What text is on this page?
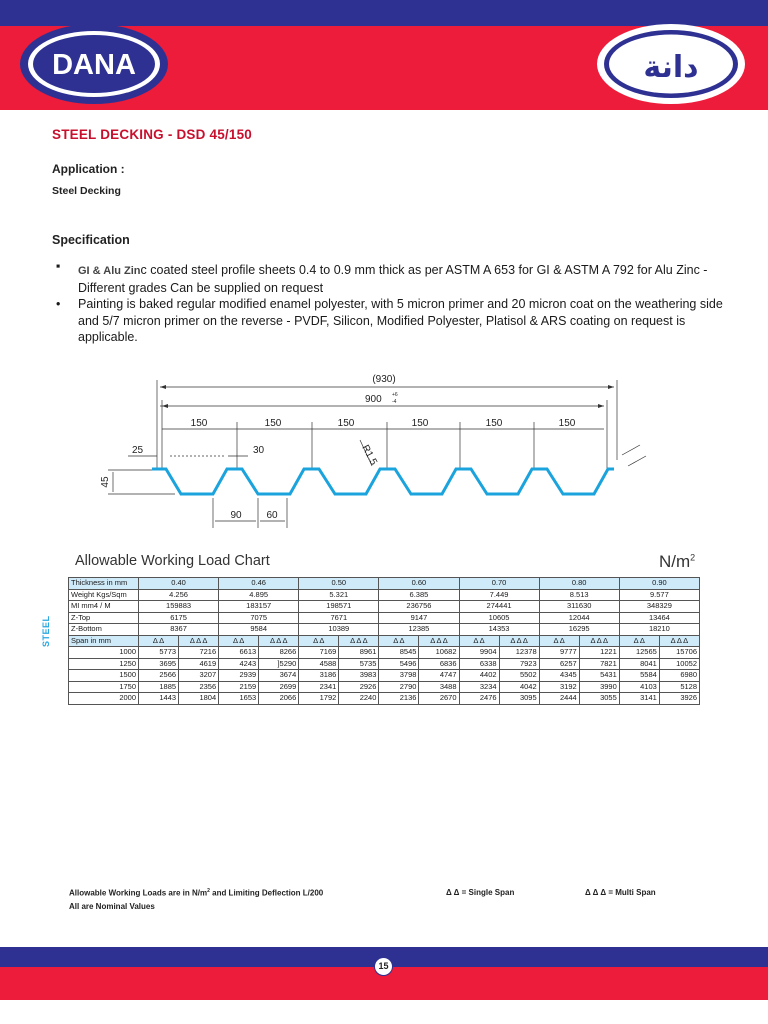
DANA	دانة
STEEL DECKING - DSD 45/150
Application :
Steel Decking
Specification
▪ GI & Alu Zinc coated steel profile sheets 0.4 to 0.9 mm thick as per ASTM A 653 for GI & ASTM A 792 for Alu Zinc - Different grades Can be supplied on request
• Painting is baked regular modified enamel polyester, with 5 micron primer and 20 micron coat on the weathering side and 5/7 micron primer on the reverse - PVDF, Silicon, Modified Polyester, Platisol & ARS coating on request is applicable.
(930)
900 +6
-4
150	150	150	150	150	150
25	30
45
90 60
R1.5
Allowable Working Load Chart	$N/m^2$
STEEL
Thickness in mm	0.40		0.46		0.50		0.60		0.70		0.80		0.90	
Weight Kgs/Sqm	4.256		4.895		5.321		6.385		7.449		8.513		9.577	
MI mm4 / M	159883		183157		198571		236756		274441		311630		348329	
Z-Top	6175		7075		7671		9147		10605		12044		13464	
Z-Bottom	8367		9584		10389		12385		14353		16295		18210	
Span in mm	Δ Δ	Δ Δ Δ	Δ Δ	Δ Δ Δ	Δ Δ	Δ Δ Δ	Δ Δ	Δ Δ Δ	Δ Δ	Δ Δ Δ	Δ Δ	Δ Δ Δ	Δ Δ	Δ Δ Δ
1000	5773	7216	6613	8266	7169	8961	8545	10682	9904	12378	9777	1221	12565	15706
1250	3695	4619	4243	]5290	4588	5735	5496	6836	6338	7923	6257	7821	8041	10052
1500	2566	3207	2939	3674	3186	3983	3798	4747	4402	5502	4345	5431	5584	6980
1750	1885	2356	2159	2699	2341	2926	2790	3488	3234	4042	3192	3990	4103	5128
2000	1443	1804	1653	2066	1792	2240	2136	2670	2476	3095	2444	3055	3141	3926
Allowable Working Loads are in $N/m^2$ and Limiting Deflection L/200
All are Nominal Values
Δ Δ = Single Span	Δ Δ Δ = Multi Span
15
